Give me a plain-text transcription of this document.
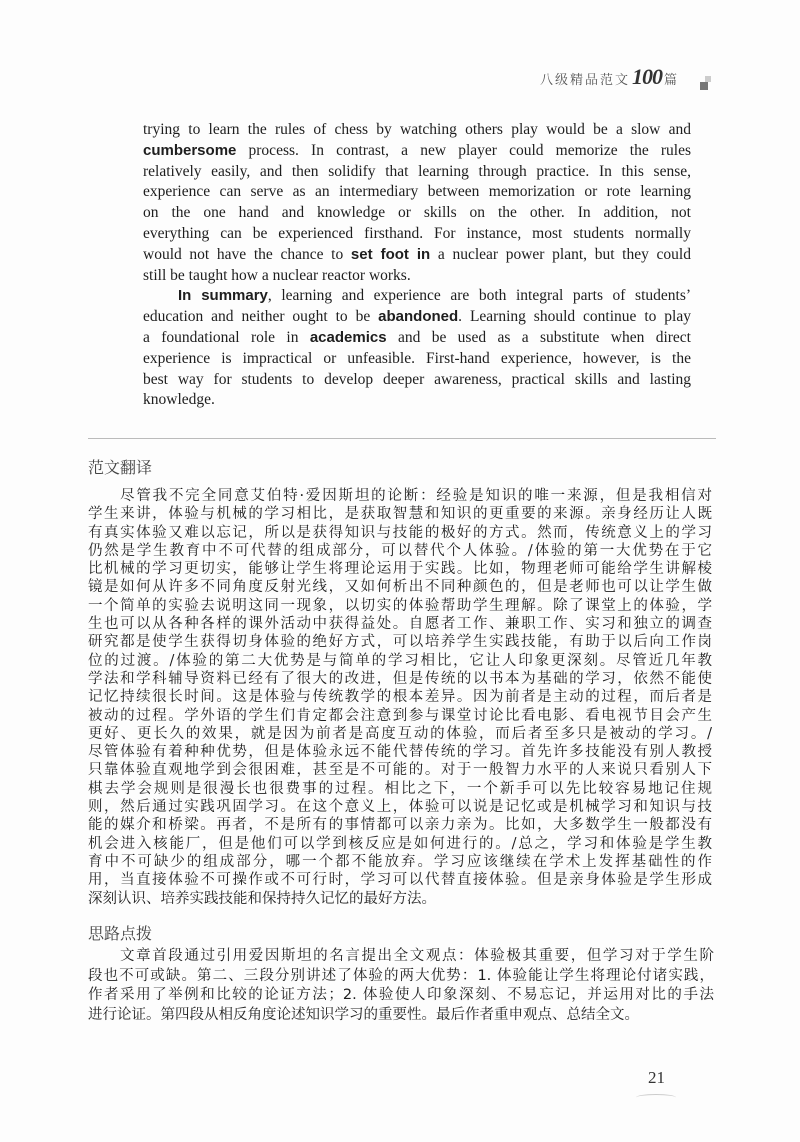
八级精品范文100 篇
trying to learn the rules of chess by watching others play would be a slow and
cumbersome process. In contrast, a new player could memorize the rules
relatively easily, and then solidify that learning through practice. In this sense,
experience can serve as an intermediary between memorization or rote learning
on the one hand and knowledge or skills on the other. In addition, not
everything can be experienced firsthand. For instance, most students normally
would not have the chance to set foot in a nuclear power plant, but they could
still be taught how a nuclear reactor works.
In summary, learning and experience are both integral parts of students’
education and neither ought to be abandoned. Learning should continue to play
a foundational role in academics and be used as a substitute when direct
experience is impractical or unfeasible. First-hand experience, however, is the
best way for students to develop deeper awareness, practical skills and lasting
knowledge.
范文翻译
尽管我不完全同意艾伯特·爱因斯坦的论断：经验是知识的唯一来源，但是我相信对
学生来讲，体验与机械的学习相比，是获取智慧和知识的更重要的来源。亲身经历让人既
有真实体验又难以忘记，所以是获得知识与技能的极好的方式。然而，传统意义上的学习
仍然是学生教育中不可代替的组成部分，可以替代个人体验。/体验的第一大优势在于它
比机械的学习更切实，能够让学生将理论运用于实践。比如，物理老师可能给学生讲解棱
镜是如何从许多不同角度反射光线，又如何析出不同种颜色的，但是老师也可以让学生做
一个简单的实验去说明这同一现象，以切实的体验帮助学生理解。除了课堂上的体验，学
生也可以从各种各样的课外活动中获得益处。自愿者工作、兼职工作、实习和独立的调查
研究都是使学生获得切身体验的绝好方式，可以培养学生实践技能，有助于以后向工作岗
位的过渡。/体验的第二大优势是与简单的学习相比，它让人印象更深刻。尽管近几年教
学法和学科辅导资料已经有了很大的改进，但是传统的以书本为基础的学习，依然不能使
记忆持续很长时间。这是体验与传统教学的根本差异。因为前者是主动的过程，而后者是
被动的过程。学外语的学生们肯定都会注意到参与课堂讨论比看电影、看电视节目会产生
更好、更长久的效果，就是因为前者是高度互动的体验，而后者至多只是被动的学习。/
尽管体验有着种种优势，但是体验永远不能代替传统的学习。首先许多技能没有别人教授
只靠体验直观地学到会很困难，甚至是不可能的。对于一般智力水平的人来说只看别人下
棋去学会规则是很漫长也很费事的过程。相比之下，一个新手可以先比较容易地记住规
则，然后通过实践巩固学习。在这个意义上，体验可以说是记忆或是机械学习和知识与技
能的媒介和桥梁。再者，不是所有的事情都可以亲力亲为。比如，大多数学生一般都没有
机会进入核能厂，但是他们可以学到核反应是如何进行的。/总之，学习和体验是学生教
育中不可缺少的组成部分，哪一个都不能放弃。学习应该继续在学术上发挥基础性的作
用，当直接体验不可操作或不可行时，学习可以代替直接体验。但是亲身体验是学生形成
深刻认识、培养实践技能和保持持久记忆的最好方法。
思路点拨
文章首段通过引用爱因斯坦的名言提出全文观点：体验极其重要，但学习对于学生阶
段也不可或缺。第二、三段分别讲述了体验的两大优势：1. 体验能让学生将理论付诸实践，
作者采用了举例和比较的论证方法；2. 体验使人印象深刻、不易忘记，并运用对比的手法
进行论证。第四段从相反角度论述知识学习的重要性。最后作者重申观点、总结全文。
21
